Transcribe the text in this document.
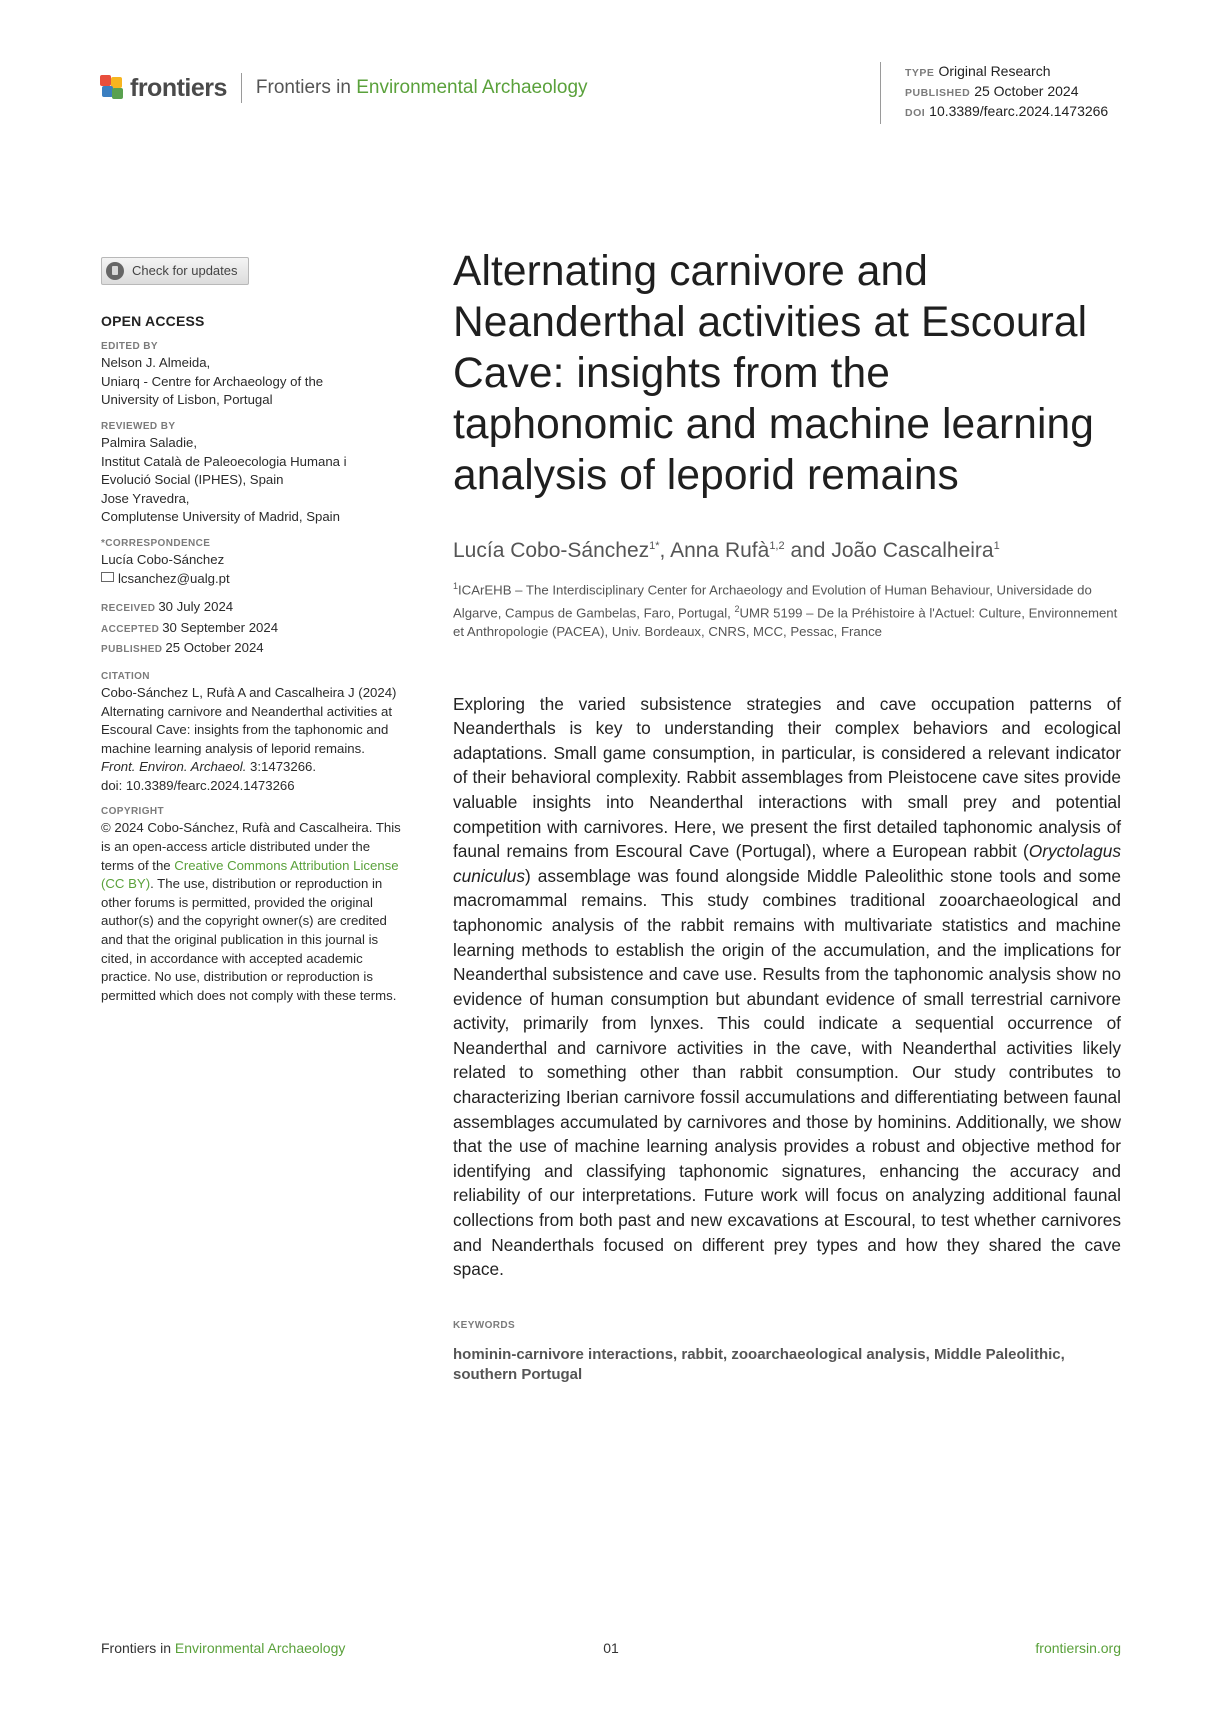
frontiers Frontiers in Environmental Archaeology
TYPE Original Research
PUBLISHED 25 October 2024
DOI 10.3389/fearc.2024.1473266
Check for updates
OPEN ACCESS
EDITED BY
Nelson J. Almeida,
Uniarq - Centre for Archaeology of the
University of Lisbon, Portugal
REVIEWED BY
Palmira Saladie,
Institut Català de Paleoecologia Humana i
Evolució Social (IPHES), Spain
Jose Yravedra,
Complutense University of Madrid, Spain
*CORRESPONDENCE
Lucía Cobo-Sánchez
lcsanchez@ualg.pt
RECEIVED 30 July 2024
ACCEPTED 30 September 2024
PUBLISHED 25 October 2024
CITATION
Cobo-Sánchez L, Rufà A and Cascalheira J (2024) Alternating carnivore and Neanderthal activities at Escoural Cave: insights from the taphonomic and machine learning analysis of leporid remains.
Front. Environ. Archaeol. 3:1473266.
doi: 10.3389/fearc.2024.1473266
COPYRIGHT
© 2024 Cobo-Sánchez, Rufà and Cascalheira. This is an open-access article distributed under the terms of the Creative Commons Attribution License (CC BY). The use, distribution or reproduction in other forums is permitted, provided the original author(s) and the copyright owner(s) are credited and that the original publication in this journal is cited, in accordance with accepted academic practice. No use, distribution or reproduction is permitted which does not comply with these terms.
Alternating carnivore and Neanderthal activities at Escoural Cave: insights from the taphonomic and machine learning analysis of leporid remains
Lucía Cobo-Sánchez$^{1*}$, Anna Rufà$^{1,2}$ and João Cascalheira$^1$
$^1$ICArEHB – The Interdisciplinary Center for Archaeology and Evolution of Human Behaviour, Universidade do Algarve, Campus de Gambelas, Faro, Portugal, $^2$UMR 5199 – De la Préhistoire à l'Actuel: Culture, Environnement et Anthropologie (PACEA), Univ. Bordeaux, CNRS, MCC, Pessac, France
Exploring the varied subsistence strategies and cave occupation patterns of Neanderthals is key to understanding their complex behaviors and ecological adaptations. Small game consumption, in particular, is considered a relevant indicator of their behavioral complexity. Rabbit assemblages from Pleistocene cave sites provide valuable insights into Neanderthal interactions with small prey and potential competition with carnivores. Here, we present the first detailed taphonomic analysis of faunal remains from Escoural Cave (Portugal), where a European rabbit (Oryctolagus cuniculus) assemblage was found alongside Middle Paleolithic stone tools and some macromammal remains. This study combines traditional zooarchaeological and taphonomic analysis of the rabbit remains with multivariate statistics and machine learning methods to establish the origin of the accumulation, and the implications for Neanderthal subsistence and cave use. Results from the taphonomic analysis show no evidence of human consumption but abundant evidence of small terrestrial carnivore activity, primarily from lynxes. This could indicate a sequential occurrence of Neanderthal and carnivore activities in the cave, with Neanderthal activities likely related to something other than rabbit consumption. Our study contributes to characterizing Iberian carnivore fossil accumulations and differentiating between faunal assemblages accumulated by carnivores and those by hominins. Additionally, we show that the use of machine learning analysis provides a robust and objective method for identifying and classifying taphonomic signatures, enhancing the accuracy and reliability of our interpretations. Future work will focus on analyzing additional faunal collections from both past and new excavations at Escoural, to test whether carnivores and Neanderthals focused on different prey types and how they shared the cave space.
KEYWORDS
hominin-carnivore interactions, rabbit, zooarchaeological analysis, Middle Paleolithic, southern Portugal
Frontiers in Environmental Archaeology	01	frontiersin.org
